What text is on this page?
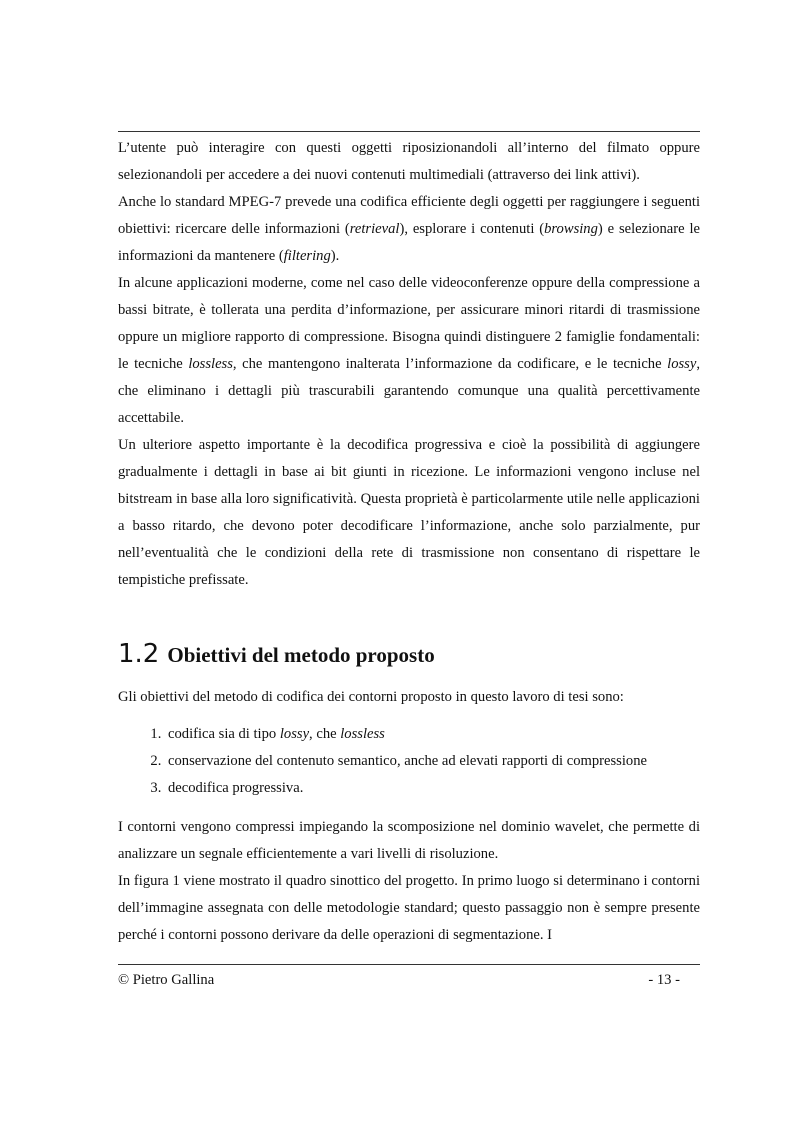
L’utente può interagire con questi oggetti riposizionandoli all’interno del filmato oppure selezionandoli per accedere a dei nuovi contenuti multimediali (attraverso dei link attivi).

Anche lo standard MPEG-7 prevede una codifica efficiente degli oggetti per raggiungere i seguenti obiettivi: ricercare delle informazioni (retrieval), esplorare i contenuti (browsing) e selezionare le informazioni da mantenere (filtering).

In alcune applicazioni moderne, come nel caso delle videoconferenze oppure della compressione a bassi bitrate, è tollerata una perdita d’informazione, per assicurare minori ritardi di trasmissione oppure un migliore rapporto di compressione. Bisogna quindi distinguere 2 famiglie fondamentali: le tecniche lossless, che mantengono inalterata l’informazione da codificare, e le tecniche lossy, che eliminano i dettagli più trascurabili garantendo comunque una qualità percettivamente accettabile.

Un ulteriore aspetto importante è la decodifica progressiva e cioè la possibilità di aggiungere gradualmente i dettagli in base ai bit giunti in ricezione. Le informazioni vengono incluse nel bitstream in base alla loro significatività. Questa proprietà è particolarmente utile nelle applicazioni a basso ritardo, che devono poter decodificare l’informazione, anche solo parzialmente, pur nell’eventualità che le condizioni della rete di trasmissione non consentano di rispettare le tempistiche prefissate.

1.2 Obiettivi del metodo proposto

Gli obiettivi del metodo di codifica dei contorni proposto in questo lavoro di tesi sono:

1. codifica sia di tipo lossy, che lossless
2. conservazione del contenuto semantico, anche ad elevati rapporti di compressione
3. decodifica progressiva.

I contorni vengono compressi impiegando la scomposizione nel dominio wavelet, che permette di analizzare un segnale efficientemente a vari livelli di risoluzione.

In figura 1 viene mostrato il quadro sinottico del progetto. In primo luogo si determinano i contorni dell’immagine assegnata con delle metodologie standard; questo passaggio non è sempre presente perché i contorni possono derivare da delle operazioni di segmentazione. I

© Pietro Gallina	- 13 -
